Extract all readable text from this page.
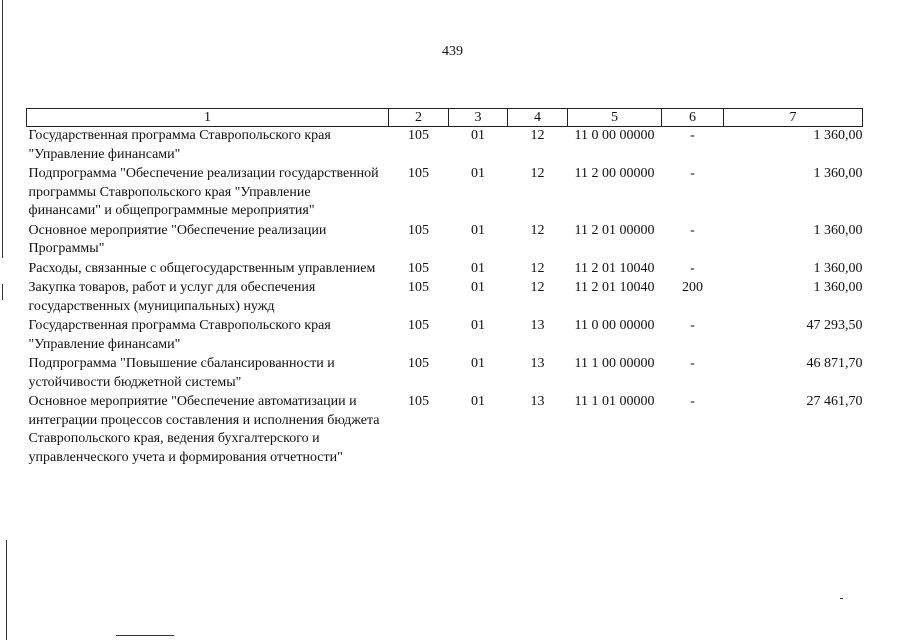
439
1	2	3	4	5	6	7
Государственная программа Ставропольского края "Управление финансами"	105	01	12	11 0 00 00000	-	1 360,00
Подпрограмма "Обеспечение реализации государственной программы Ставропольского края "Управление финансами" и общепрограммные мероприятия"	105	01	12	11 2 00 00000	-	1 360,00
Основное мероприятие "Обеспечение реализации Программы"	105	01	12	11 2 01 00000	-	1 360,00
Расходы, связанные с общегосударственным управлением	105	01	12	11 2 01 10040	-	1 360,00
Закупка товаров, работ и услуг для обеспечения государственных (муниципальных) нужд	105	01	12	11 2 01 10040	200	1 360,00
Государственная программа Ставропольского края "Управление финансами"	105	01	13	11 0 00 00000	-	47 293,50
Подпрограмма "Повышение сбалансированности и устойчивости бюджетной системы"	105	01	13	11 1 00 00000	-	46 871,70
Основное мероприятие "Обеспечение автоматизации и интеграции процессов составления и исполнения бюджета Ставропольского края, ведения бухгалтерского и управленческого учета и формирования отчетности"	105	01	13	11 1 01 00000	-	27 461,70
